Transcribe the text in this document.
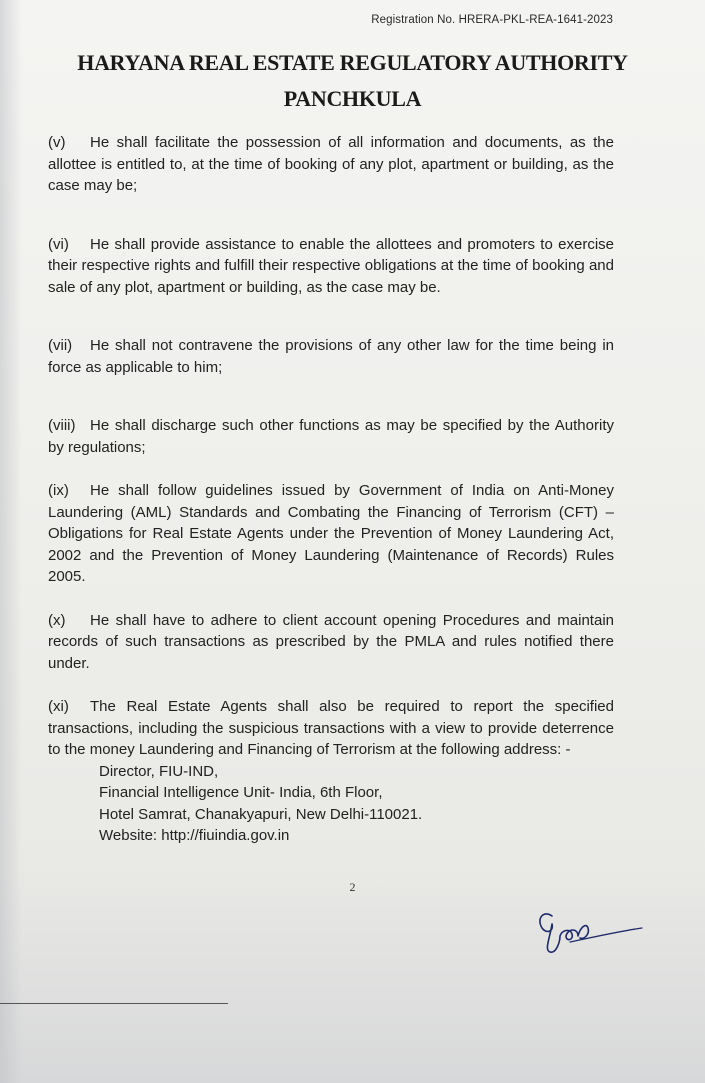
Registration No. HRERA-PKL-REA-1641-2023
HARYANA REAL ESTATE REGULATORY AUTHORITY
PANCHKULA

(v) He shall facilitate the possession of all information and documents, as the allottee is entitled to, at the time of booking of any plot, apartment or building, as the case may be;

(vi) He shall provide assistance to enable the allottees and promoters to exercise their respective rights and fulfill their respective obligations at the time of booking and sale of any plot, apartment or building, as the case may be.

(vii) He shall not contravene the provisions of any other law for the time being in force as applicable to him;

(viii) He shall discharge such other functions as may be specified by the Authority by regulations;

(ix) He shall follow guidelines issued by Government of India on Anti-Money Laundering (AML) Standards and Combating the Financing of Terrorism (CFT) – Obligations for Real Estate Agents under the Prevention of Money Laundering Act, 2002 and the Prevention of Money Laundering (Maintenance of Records) Rules 2005.

(x) He shall have to adhere to client account opening Procedures and maintain records of such transactions as prescribed by the PMLA and rules notified there under.

(xi) The Real Estate Agents shall also be required to report the specified transactions, including the suspicious transactions with a view to provide deterrence to the money Laundering and Financing of Terrorism at the following address: -

Director, FIU-IND,
Financial Intelligence Unit- India, 6th Floor,
Hotel Samrat, Chanakyapuri, New Delhi-110021.
Website: http://fiuindia.gov.in
2
